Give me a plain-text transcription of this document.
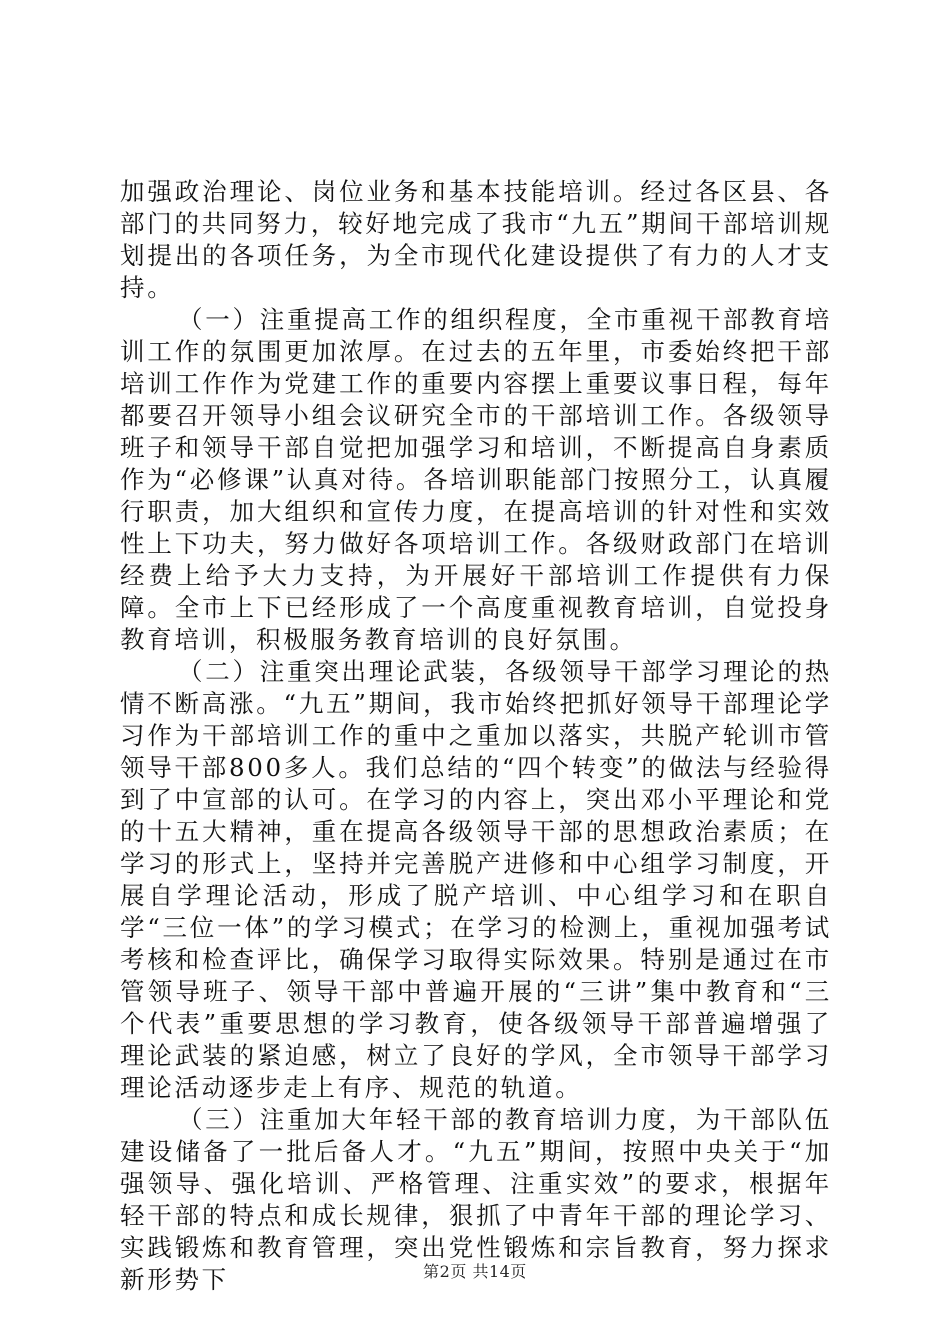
加强政治理论、岗位业务和基本技能培训。经过各区县、各部门的共同努力，较好地完成了我市“九五”期间干部培训规划提出的各项任务，为全市现代化建设提供了有力的人才支持。

（一）注重提高工作的组织程度，全市重视干部教育培训工作的氛围更加浓厚。在过去的五年里，市委始终把干部培训工作作为党建工作的重要内容摆上重要议事日程，每年都要召开领导小组会议研究全市的干部培训工作。各级领导班子和领导干部自觉把加强学习和培训，不断提高自身素质作为“必修课”认真对待。各培训职能部门按照分工，认真履行职责，加大组织和宣传力度，在提高培训的针对性和实效性上下功夫，努力做好各项培训工作。各级财政部门在培训经费上给予大力支持，为开展好干部培训工作提供有力保障。全市上下已经形成了一个高度重视教育培训，自觉投身教育培训，积极服务教育培训的良好氛围。

（二）注重突出理论武装，各级领导干部学习理论的热情不断高涨。“九五”期间，我市始终把抓好领导干部理论学习作为干部培训工作的重中之重加以落实，共脱产轮训市管领导干部800多人。我们总结的“四个转变”的做法与经验得到了中宣部的认可。在学习的内容上，突出邓小平理论和党的十五大精神，重在提高各级领导干部的思想政治素质；在学习的形式上，坚持并完善脱产进修和中心组学习制度，开展自学理论活动，形成了脱产培训、中心组学习和在职自学“三位一体”的学习模式；在学习的检测上，重视加强考试考核和检查评比，确保学习取得实际效果。特别是通过在市管领导班子、领导干部中普遍开展的“三讲”集中教育和“三个代表”重要思想的学习教育，使各级领导干部普遍增强了理论武装的紧迫感，树立了良好的学风，全市领导干部学习理论活动逐步走上有序、规范的轨道。

（三）注重加大年轻干部的教育培训力度，为干部队伍建设储备了一批后备人才。“九五”期间，按照中央关于“加强领导、强化培训、严格管理、注重实效”的要求，根据年轻干部的特点和成长规律，狠抓了中青年干部的理论学习、实践锻炼和教育管理，突出党性锻炼和宗旨教育，努力探求新形势下	第2页 共14页
